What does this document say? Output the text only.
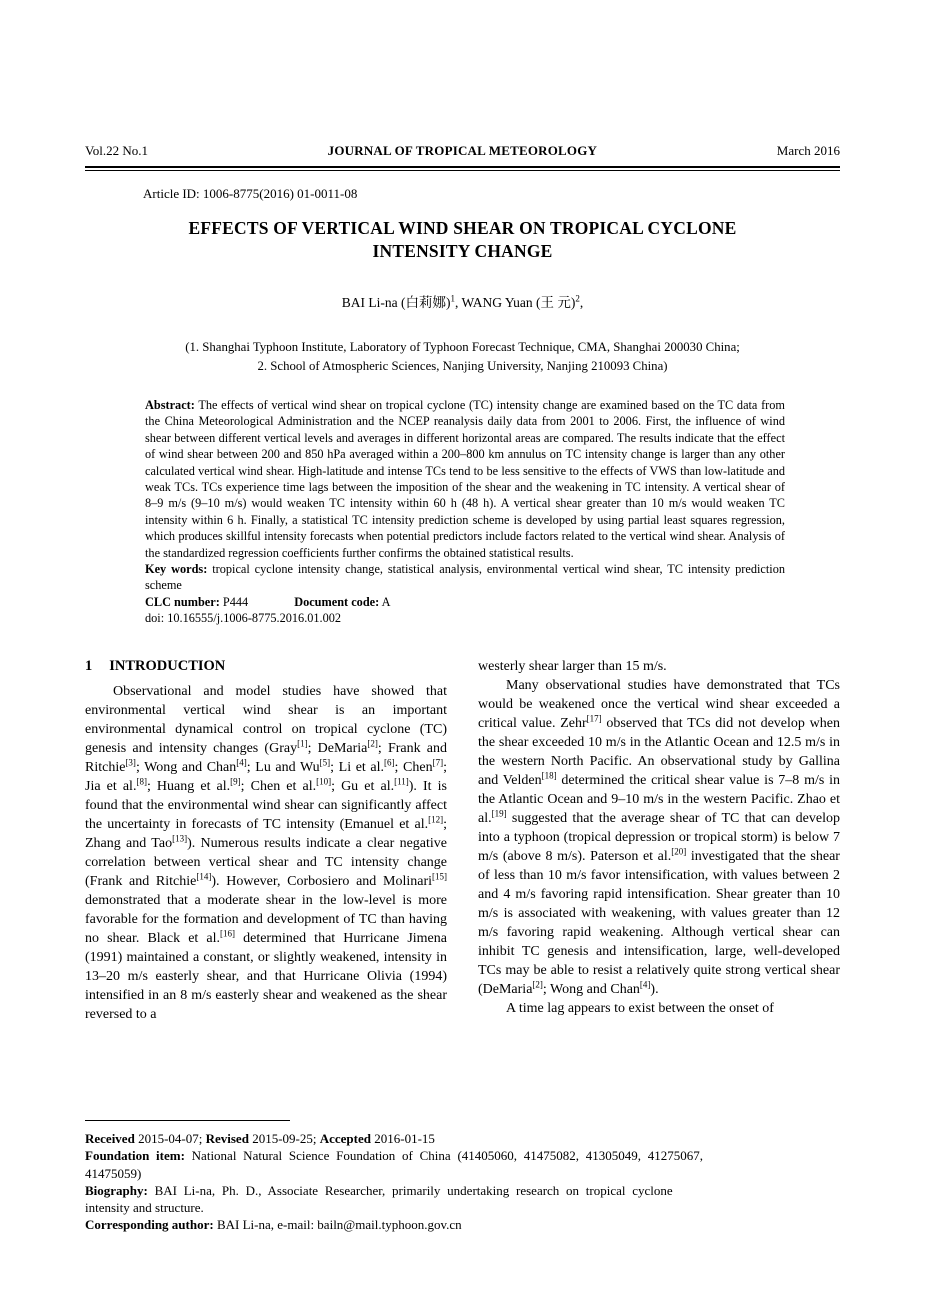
Vol.22 No.1	JOURNAL OF TROPICAL METEOROLOGY	March 2016

Article ID: 1006-8775(2016) 01-0011-08

EFFECTS OF VERTICAL WIND SHEAR ON TROPICAL CYCLONE
INTENSITY CHANGE

BAI Li-na (白莉娜)$^1$, WANG Yuan (王 元)$^2$,

(1. Shanghai Typhoon Institute, Laboratory of Typhoon Forecast Technique, CMA, Shanghai 200030 China;
2. School of Atmospheric Sciences, Nanjing University, Nanjing 210093 China)

Abstract: The effects of vertical wind shear on tropical cyclone (TC) intensity change are examined based on the TC data from the China Meteorological Administration and the NCEP reanalysis daily data from 2001 to 2006. First, the influence of wind shear between different vertical levels and averages in different horizontal areas are compared. The results indicate that the effect of wind shear between 200 and 850 hPa averaged within a 200–800 km annulus on TC intensity change is larger than any other calculated vertical wind shear. High-latitude and intense TCs tend to be less sensitive to the effects of VWS than low-latitude and weak TCs. TCs experience time lags between the imposition of the shear and the weakening in TC intensity. A vertical shear of 8–9 m/s (9–10 m/s) would weaken TC intensity within 60 h (48 h). A vertical shear greater than 10 m/s would weaken TC intensity within 6 h. Finally, a statistical TC intensity prediction scheme is developed by using partial least squares regression, which produces skillful intensity forecasts when potential predictors include factors related to the vertical wind shear. Analysis of the standardized regression coefficients further confirms the obtained statistical results.

Key words: tropical cyclone intensity change, statistical analysis, environmental vertical wind shear, TC intensity prediction scheme

CLC number: P444	Document code: A

doi: 10.16555/j.1006-8775.2016.01.002

1 INTRODUCTION

Observational and model studies have showed that environmental vertical wind shear is an important environmental dynamical control on tropical cyclone (TC) genesis and intensity changes (Gray[1]; DeMaria[2]; Frank and Ritchie[3]; Wong and Chan[4]; Lu and Wu[5]; Li et al.[6]; Chen[7]; Jia et al.[8]; Huang et al.[9]; Chen et al.[10]; Gu et al.[11]). It is found that the environmental wind shear can significantly affect the uncertainty in forecasts of TC intensity (Emanuel et al.[12]; Zhang and Tao[13]). Numerous results indicate a clear negative correlation between vertical shear and TC intensity change (Frank and Ritchie[14]). However, Corbosiero and Molinari[15] demonstrated that a moderate shear in the low-level is more favorable for the formation and development of TC than having no shear. Black et al.[16] determined that Hurricane Jimena (1991) maintained a constant, or slightly weakened, intensity in 13–20 m/s easterly shear, and that Hurricane Olivia (1994) intensified in an 8 m/s easterly shear and weakened as the shear reversed to a

westerly shear larger than 15 m/s.

Many observational studies have demonstrated that TCs would be weakened once the vertical wind shear exceeded a critical value. Zehr[17] observed that TCs did not develop when the shear exceeded 10 m/s in the Atlantic Ocean and 12.5 m/s in the western North Pacific. An observational study by Gallina and Velden[18] determined the critical shear value is 7–8 m/s in the Atlantic Ocean and 9–10 m/s in the western Pacific. Zhao et al.[19] suggested that the average shear of TC that can develop into a typhoon (tropical depression or tropical storm) is below 7 m/s (above 8 m/s). Paterson et al.[20] investigated that the shear of less than 10 m/s favor intensification, with values between 2 and 4 m/s favoring rapid intensification. Shear greater than 10 m/s is associated with weakening, with values greater than 12 m/s favoring rapid weakening. Although vertical shear can inhibit TC genesis and intensification, large, well-developed TCs may be able to resist a relatively quite strong vertical shear (DeMaria[2]; Wong and Chan[4]).

A time lag appears to exist between the onset of

Received 2015-04-07; Revised 2015-09-25; Accepted 2016-01-15

Foundation item: National Natural Science Foundation of China (41405060, 41475082, 41305049, 41275067,

41475059)

Biography: BAI Li-na, Ph. D., Associate Researcher, primarily undertaking research on tropical cyclone

intensity and structure.

Corresponding author: BAI Li-na, e-mail: bailn@mail.typhoon.gov.cn
